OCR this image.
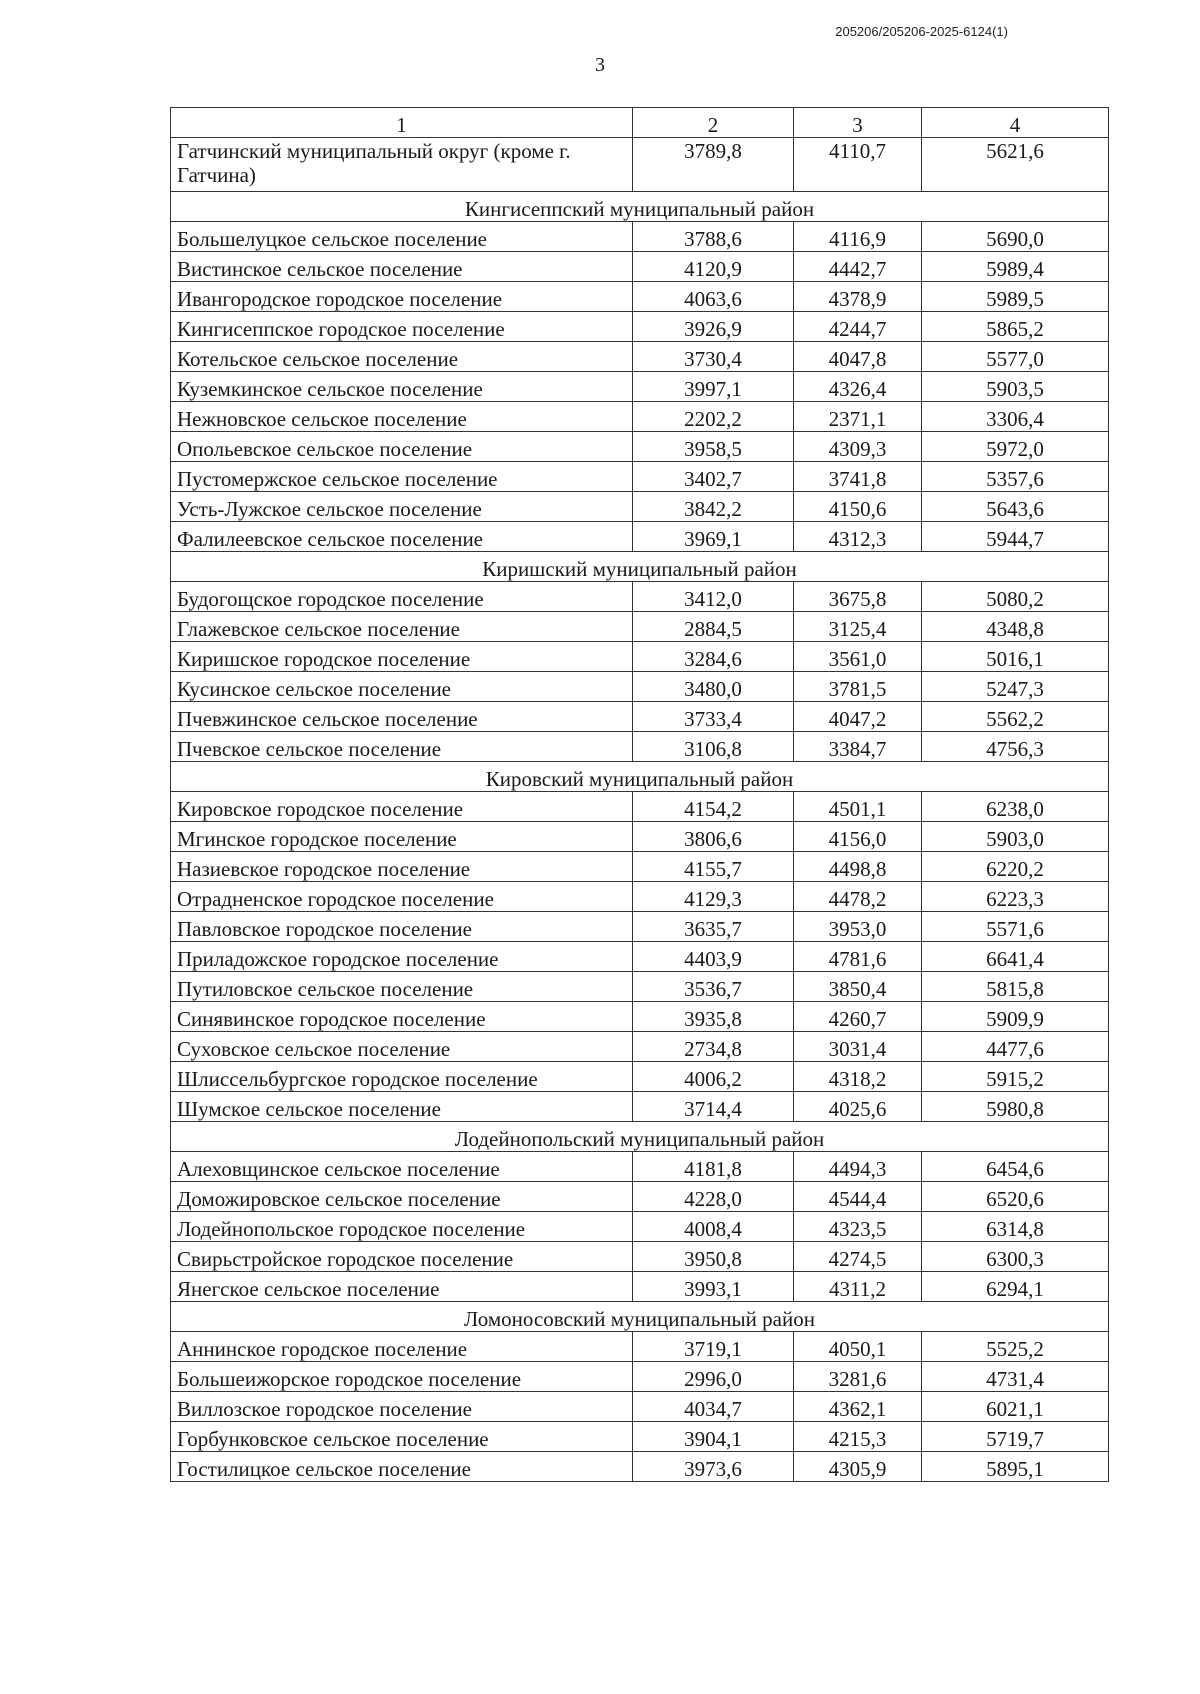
205206/205206-2025-6124(1)
3
1	2	3	4
Гатчинский муниципальный округ (кроме г. Гатчина)	3789,8	4110,7	5621,6
Кингисеппский муниципальный район			
Большелуцкое сельское поселение	3788,6	4116,9	5690,0
Вистинское сельское поселение	4120,9	4442,7	5989,4
Ивангородское городское поселение	4063,6	4378,9	5989,5
Кингисеппское городское поселение	3926,9	4244,7	5865,2
Котельское сельское поселение	3730,4	4047,8	5577,0
Куземкинское сельское поселение	3997,1	4326,4	5903,5
Нежновское сельское поселение	2202,2	2371,1	3306,4
Опольевское сельское поселение	3958,5	4309,3	5972,0
Пустомержское сельское поселение	3402,7	3741,8	5357,6
Усть-Лужское сельское поселение	3842,2	4150,6	5643,6
Фалилеевское сельское поселение	3969,1	4312,3	5944,7
Киришский муниципальный район			
Будогощское городское поселение	3412,0	3675,8	5080,2
Глажевское сельское поселение	2884,5	3125,4	4348,8
Киришское городское поселение	3284,6	3561,0	5016,1
Кусинское сельское поселение	3480,0	3781,5	5247,3
Пчевжинское сельское поселение	3733,4	4047,2	5562,2
Пчевское сельское поселение	3106,8	3384,7	4756,3
Кировский муниципальный район			
Кировское городское поселение	4154,2	4501,1	6238,0
Мгинское городское поселение	3806,6	4156,0	5903,0
Назиевское городское поселение	4155,7	4498,8	6220,2
Отрадненское городское поселение	4129,3	4478,2	6223,3
Павловское городское поселение	3635,7	3953,0	5571,6
Приладожское городское поселение	4403,9	4781,6	6641,4
Путиловское сельское поселение	3536,7	3850,4	5815,8
Синявинское городское поселение	3935,8	4260,7	5909,9
Суховское сельское поселение	2734,8	3031,4	4477,6
Шлиссельбургское городское поселение	4006,2	4318,2	5915,2
Шумское сельское поселение	3714,4	4025,6	5980,8
Лодейнопольский муниципальный район			
Алеховщинское сельское поселение	4181,8	4494,3	6454,6
Доможировское сельское поселение	4228,0	4544,4	6520,6
Лодейнопольское городское поселение	4008,4	4323,5	6314,8
Свирьстройское городское поселение	3950,8	4274,5	6300,3
Янегское сельское поселение	3993,1	4311,2	6294,1
Ломоносовский муниципальный район			
Аннинское городское поселение	3719,1	4050,1	5525,2
Большеижорское городское поселение	2996,0	3281,6	4731,4
Виллозское городское поселение	4034,7	4362,1	6021,1
Горбунковское сельское поселение	3904,1	4215,3	5719,7
Гостилицкое сельское поселение	3973,6	4305,9	5895,1
